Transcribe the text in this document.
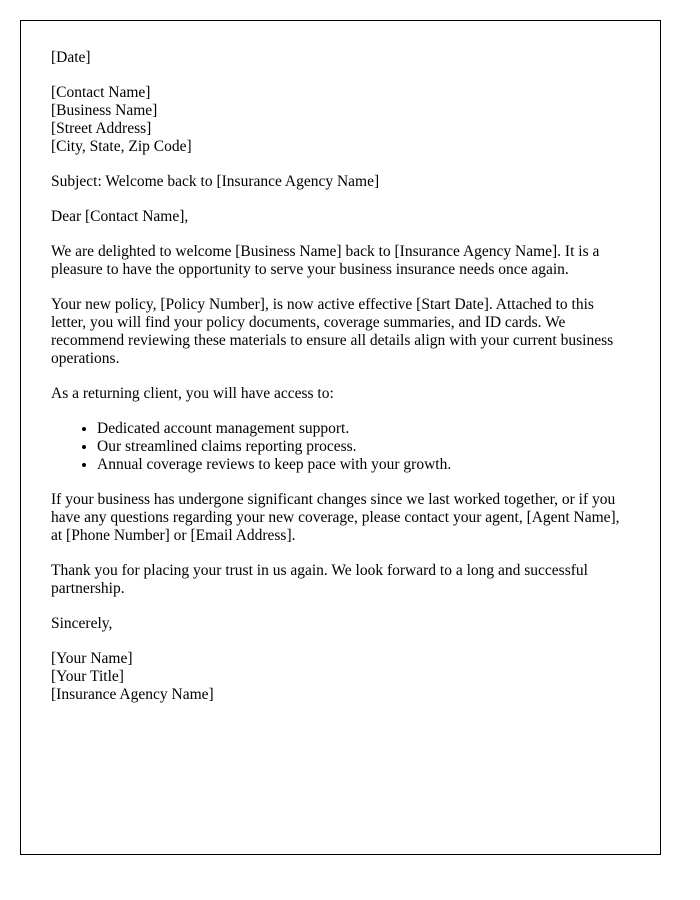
[Date]
[Contact Name]
[Business Name]
[Street Address]
[City, State, Zip Code]
Subject: Welcome back to [Insurance Agency Name]
Dear [Contact Name],

We are delighted to welcome [Business Name] back to [Insurance Agency Name]. It is a pleasure to have the opportunity to serve your business insurance needs once again.

Your new policy, [Policy Number], is now active effective [Start Date]. Attached to this letter, you will find your policy documents, coverage summaries, and ID cards. We recommend reviewing these materials to ensure all details align with your current business operations.

As a returning client, you will have access to:

• Dedicated account management support.
• Our streamlined claims reporting process.
• Annual coverage reviews to keep pace with your growth.

If your business has undergone significant changes since we last worked together, or if you have any questions regarding your new coverage, please contact your agent, [Agent Name], at [Phone Number] or [Email Address].

Thank you for placing your trust in us again. We look forward to a long and successful partnership.

Sincerely,
[Your Name]
[Your Title]
[Insurance Agency Name]
